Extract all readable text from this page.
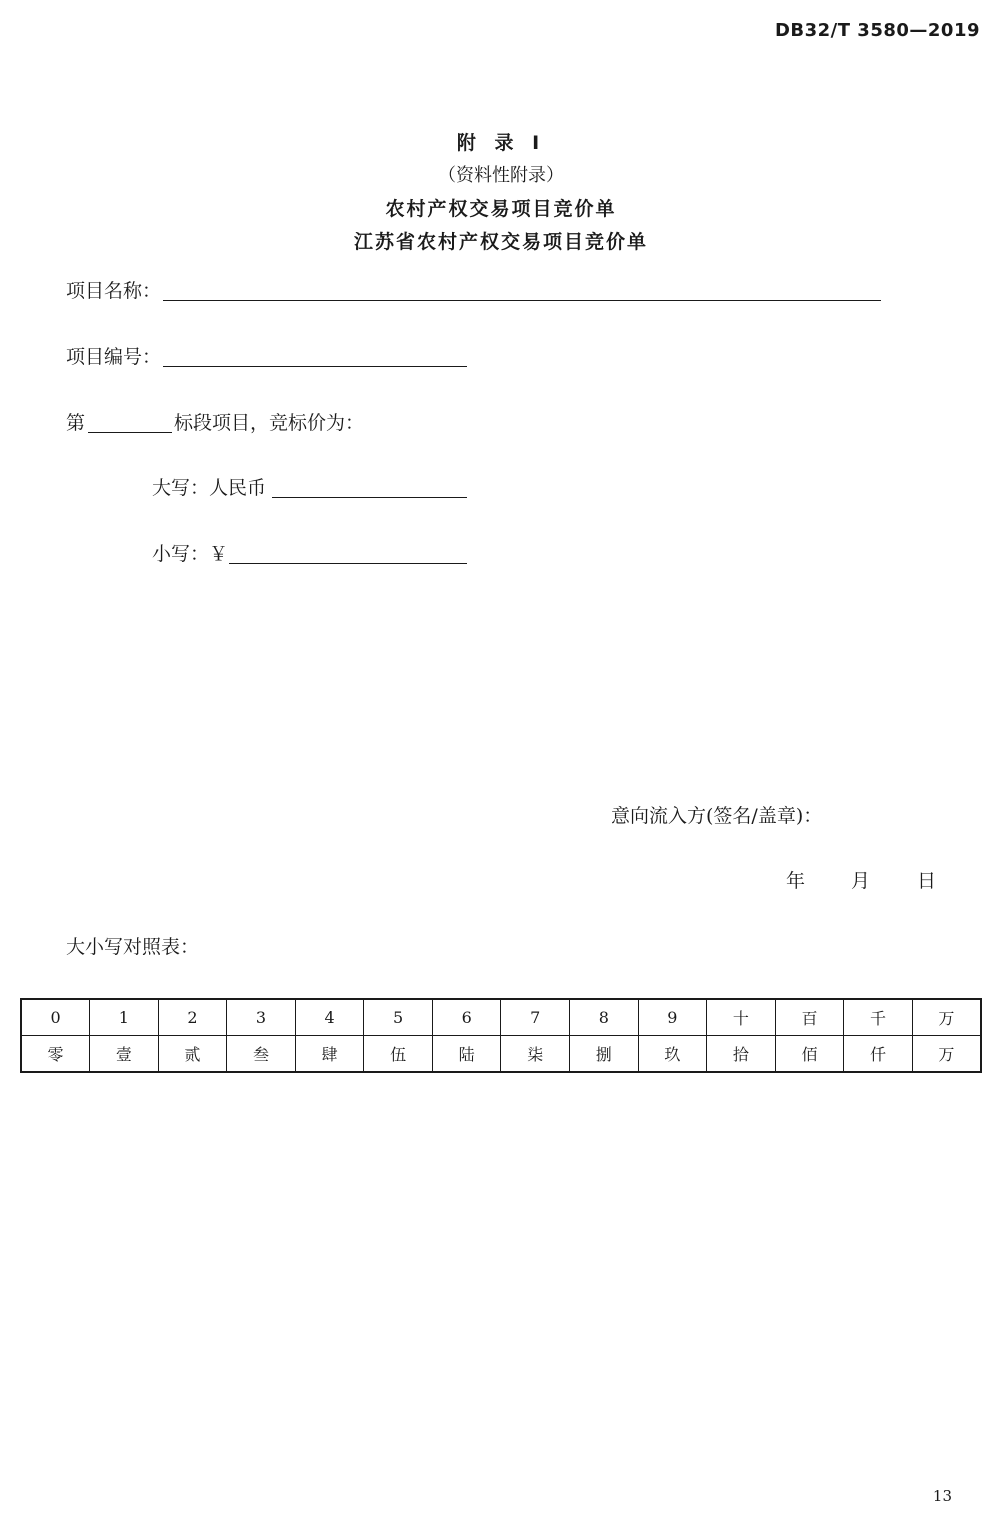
DB32/T 3580—2019
附 录 I
（资料性附录）
农村产权交易项目竞价单
江苏省农村产权交易项目竞价单
项目名称：
项目编号：
第	标段项目，竞标价为：
大写：人民币
小写：￥
意向流入方(签名/盖章)：
年 月 日
大小写对照表：
0	1	2	3	4	5	6	7	8	9	十	百	千	万
零	壹	贰	叁	肆	伍	陆	柒	捌	玖	拾	佰	仟	万
13
